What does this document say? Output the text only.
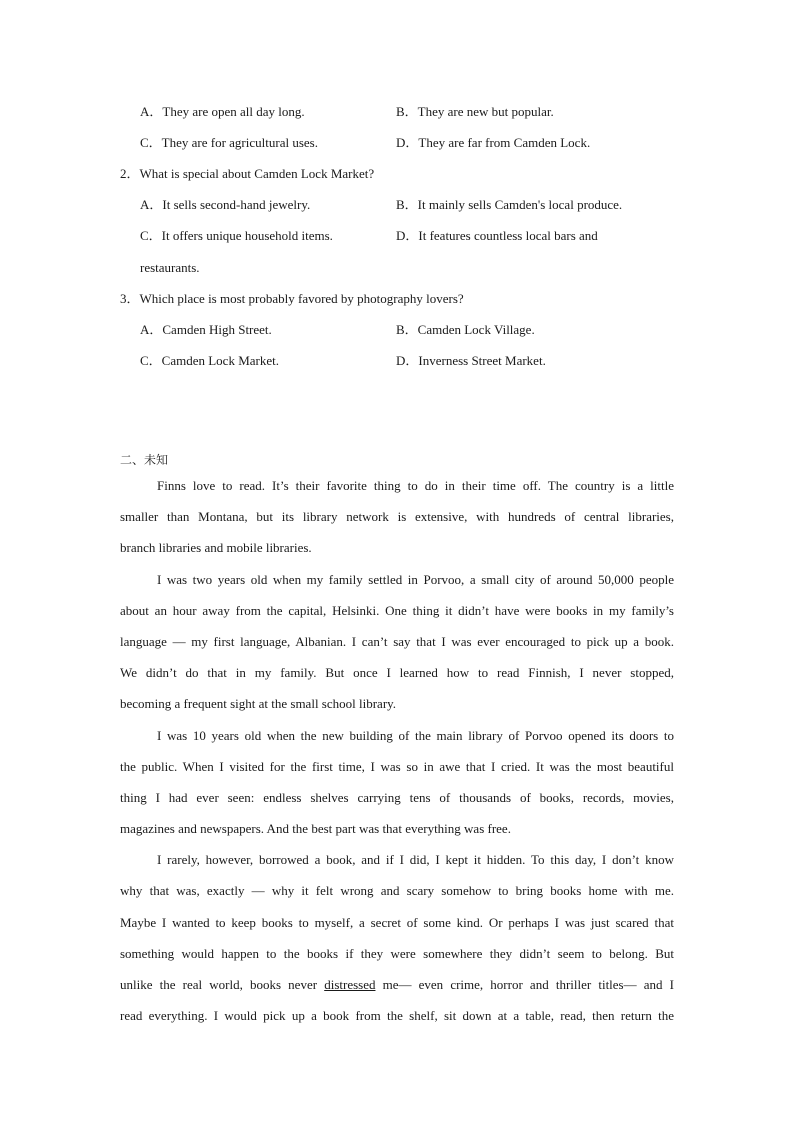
A．They are open all day long.	B．They are new but popular.
C．They are for agricultural uses.	D．They are far from Camden Lock.
2．What is special about Camden Lock Market?
A．It sells second-hand jewelry.	B．It mainly sells Camden's local produce.
C．It offers unique household items.	D．It features countless local bars and
restaurants.
3．Which place is most probably favored by photography lovers?
A．Camden High Street.	B．Camden Lock Village.
C．Camden Lock Market.	D．Inverness Street Market.
二、未知
Finns love to read. It’s their favorite thing to do in their time off. The country is a little
smaller than Montana, but its library network is extensive, with hundreds of central libraries,
branch libraries and mobile libraries.
I was two years old when my family settled in Porvoo, a small city of around 50,000 people
about an hour away from the capital, Helsinki. One thing it didn’t have were books in my family’s
language — my first language, Albanian. I can’t say that I was ever encouraged to pick up a book.
We didn’t do that in my family. But once I learned how to read Finnish, I never stopped,
becoming a frequent sight at the small school library.
I was 10 years old when the new building of the main library of Porvoo opened its doors to
the public. When I visited for the first time, I was so in awe that I cried. It was the most beautiful
thing I had ever seen: endless shelves carrying tens of thousands of books, records, movies,
magazines and newspapers. And the best part was that everything was free.
I rarely, however, borrowed a book, and if I did, I kept it hidden. To this day, I don’t know
why that was, exactly — why it felt wrong and scary somehow to bring books home with me.
Maybe I wanted to keep books to myself, a secret of some kind. Or perhaps I was just scared that
something would happen to the books if they were somewhere they didn’t seem to belong. But
unlike the real world, books never distressed me— even crime, horror and thriller titles— and I
read everything. I would pick up a book from the shelf, sit down at a table, read, then return the
